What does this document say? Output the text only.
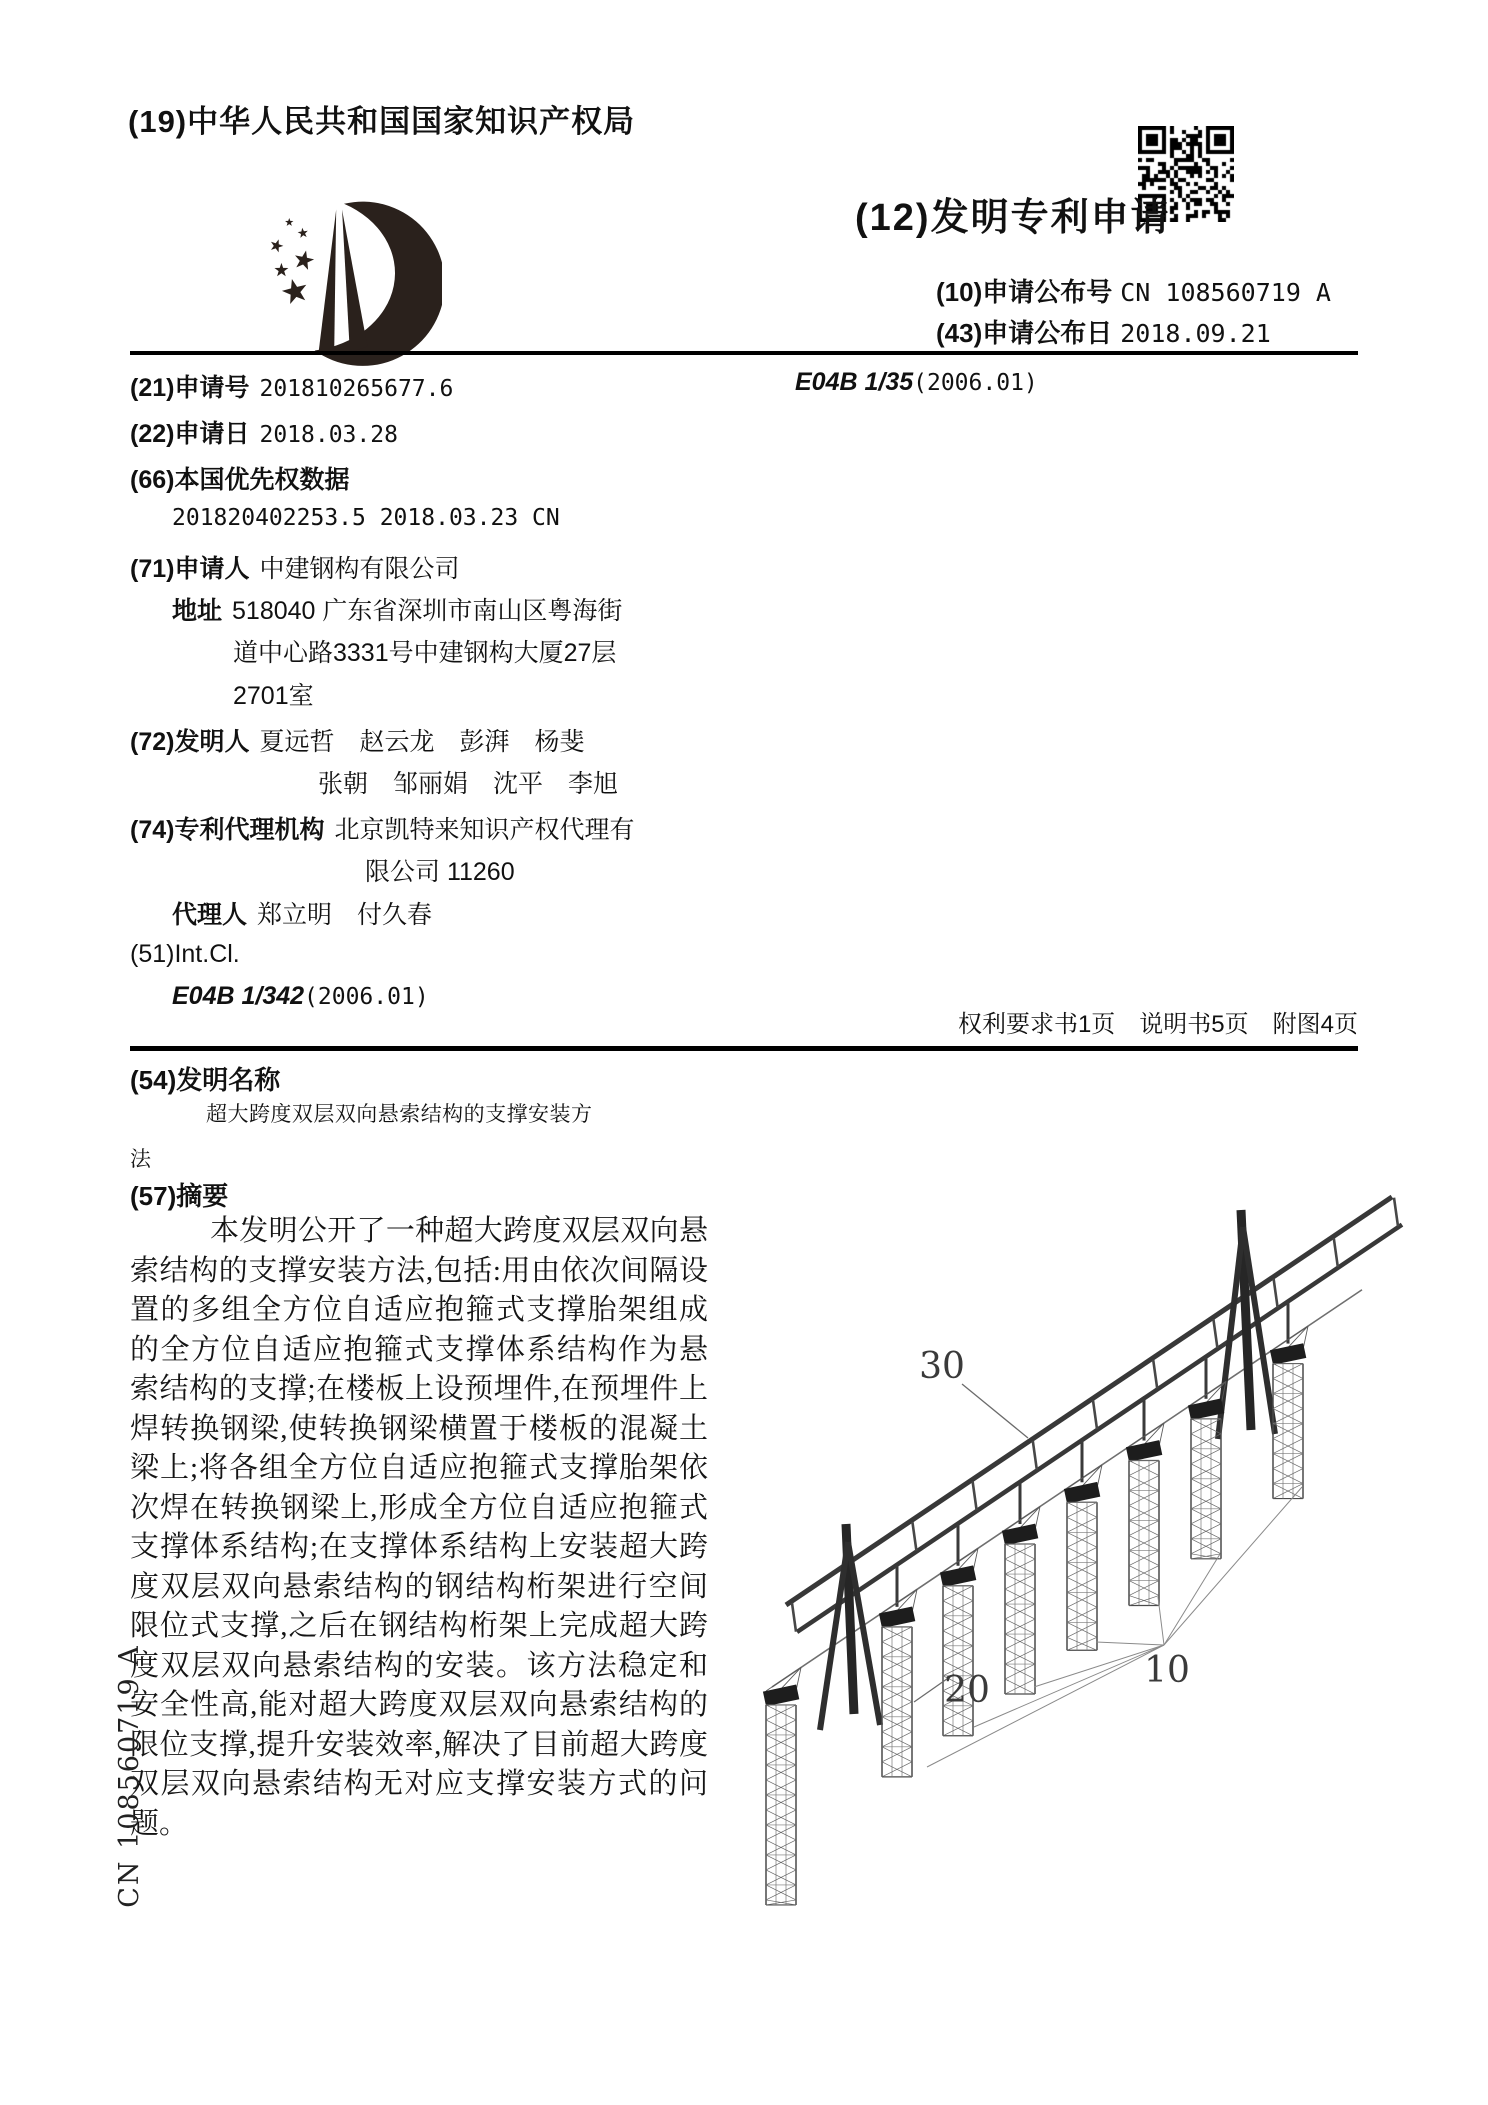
(19)中华人民共和国国家知识产权局
(12)发明专利申请
(10)申请公布号 CN 108560719 A
(43)申请公布日 2018.09.21
(21)申请号 201810265677.6
(22)申请日 2018.03.28
(66)本国优先权数据
201820402253.5 2018.03.23 CN
(71)申请人 中建钢构有限公司
地址 518040 广东省深圳市南山区粤海街
道中心路3331号中建钢构大厦27层
2701室
(72)发明人 夏远哲　赵云龙　彭湃　杨斐
张朝　邹丽娟　沈平　李旭
(74)专利代理机构 北京凯特来知识产权代理有
限公司 11260
代理人 郑立明　付久春
(51)Int.Cl.
E04B 1/342(2006.01)
E04B 1/35(2006.01)
权利要求书1页　说明书5页　附图4页
(54)发明名称
超大跨度双层双向悬索结构的支撑安装方法
(57)摘要
本发明公开了一种超大跨度双层双向悬索结构的支撑安装方法,包括:用由依次间隔设置的多组全方位自适应抱箍式支撑胎架组成的全方位自适应抱箍式支撑体系结构作为悬索结构的支撑;在楼板上设预埋件,在预埋件上焊转换钢梁,使转换钢梁横置于楼板的混凝土梁上;将各组全方位自适应抱箍式支撑胎架依次焊在转换钢梁上,形成全方位自适应抱箍式支撑体系结构;在支撑体系结构上安装超大跨度双层双向悬索结构的钢结构桁架进行空间限位式支撑,之后在钢结构桁架上完成超大跨度双层双向悬索结构的安装。该方法稳定和安全性高,能对超大跨度双层双向悬索结构的限位支撑,提升安装效率,解决了目前超大跨度双层双向悬索结构无对应支撑安装方式的问题。
30
20	10
CN 108560719 A
